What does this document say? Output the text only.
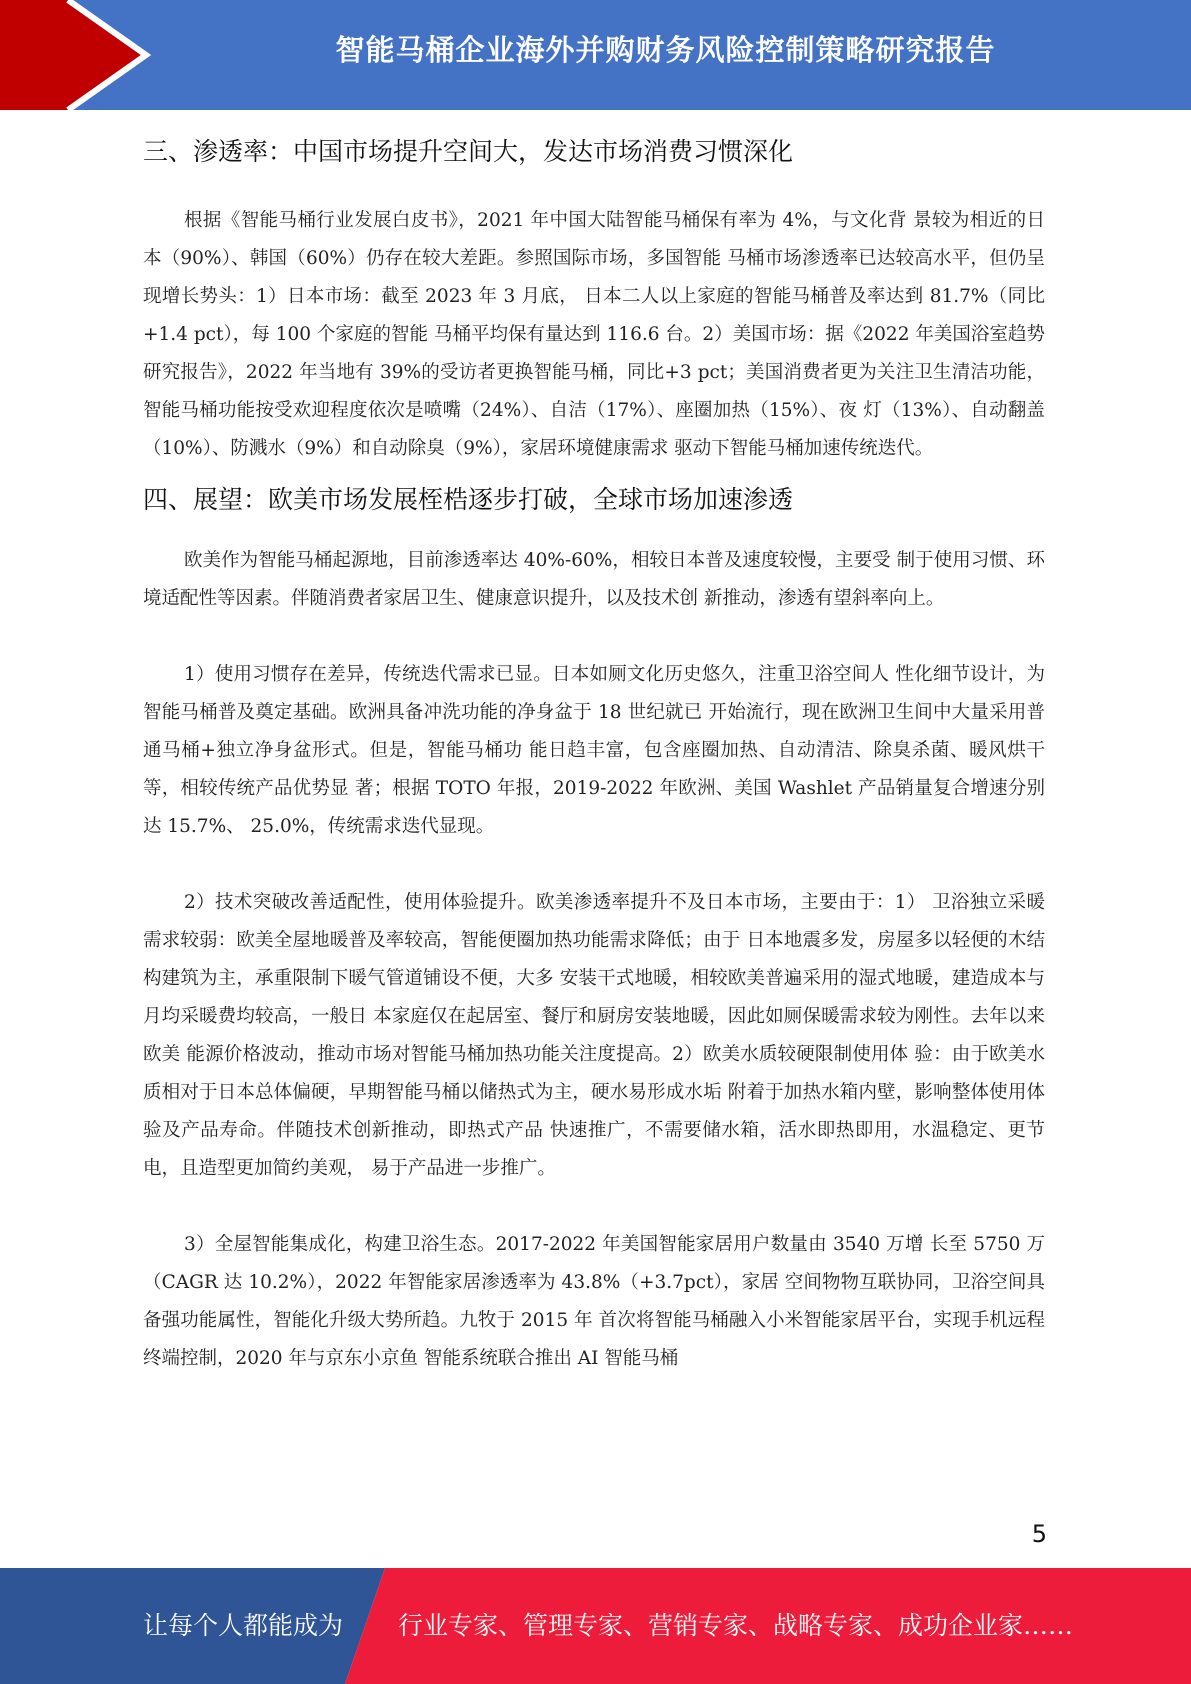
智能马桶企业海外并购财务风险控制策略研究报告
三、渗透率：中国市场提升空间大，发达市场消费习惯深化

根据《智能马桶行业发展白皮书》，2021 年中国大陆智能马桶保有率为 4%，与文化背 景较为相近的日本（90%）、韩国（60%）仍存在较大差距。参照国际市场，多国智能 马桶市场渗透率已达较高水平，但仍呈现增长势头：1）日本市场：截至 2023 年 3 月底， 日本二人以上家庭的智能马桶普及率达到 81.7%（同比+1.4 pct），每 100 个家庭的智能 马桶平均保有量达到 116.6 台。2）美国市场：据《2022 年美国浴室趋势研究报告》，2022 年当地有 39%的受访者更换智能马桶，同比+3 pct；美国消费者更为关注卫生清洁功能， 智能马桶功能按受欢迎程度依次是喷嘴（24%）、自洁（17%）、座圈加热（15%）、夜 灯（13%）、自动翻盖（10%）、防溅水（9%）和自动除臭（9%），家居环境健康需求 驱动下智能马桶加速传统迭代。

四、展望：欧美市场发展桎梏逐步打破，全球市场加速渗透

欧美作为智能马桶起源地，目前渗透率达 40%-60%，相较日本普及速度较慢，主要受 制于使用习惯、环境适配性等因素。伴随消费者家居卫生、健康意识提升，以及技术创 新推动，渗透有望斜率向上。

1）使用习惯存在差异，传统迭代需求已显。日本如厕文化历史悠久，注重卫浴空间人 性化细节设计，为智能马桶普及奠定基础。欧洲具备冲洗功能的净身盆于 18 世纪就已 开始流行，现在欧洲卫生间中大量采用普通马桶+独立净身盆形式。但是，智能马桶功 能日趋丰富，包含座圈加热、自动清洁、除臭杀菌、暖风烘干等，相较传统产品优势显 著；根据 TOTO 年报，2019-2022 年欧洲、美国 Washlet 产品销量复合增速分别达 15.7%、 25.0%，传统需求迭代显现。

2）技术突破改善适配性，使用体验提升。欧美渗透率提升不及日本市场，主要由于：1） 卫浴独立采暖需求较弱：欧美全屋地暖普及率较高，智能便圈加热功能需求降低；由于 日本地震多发，房屋多以轻便的木结构建筑为主，承重限制下暖气管道铺设不便，大多 安装干式地暖，相较欧美普遍采用的湿式地暖，建造成本与月均采暖费均较高，一般日 本家庭仅在起居室、餐厅和厨房安装地暖，因此如厕保暖需求较为刚性。去年以来欧美 能源价格波动，推动市场对智能马桶加热功能关注度提高。2）欧美水质较硬限制使用体 验：由于欧美水质相对于日本总体偏硬，早期智能马桶以储热式为主，硬水易形成水垢 附着于加热水箱内壁，影响整体使用体验及产品寿命。伴随技术创新推动，即热式产品 快速推广，不需要储水箱，活水即热即用，水温稳定、更节电，且造型更加简约美观， 易于产品进一步推广。

3）全屋智能集成化，构建卫浴生态。2017-2022 年美国智能家居用户数量由 3540 万增 长至 5750 万（CAGR 达 10.2%），2022 年智能家居渗透率为 43.8%（+3.7pct），家居 空间物物互联协同，卫浴空间具备强功能属性，智能化升级大势所趋。九牧于 2015 年 首次将智能马桶融入小米智能家居平台，实现手机远程终端控制，2020 年与京东小京鱼 智能系统联合推出 AI 智能马桶

5
让每个人都能成为 行业专家、管理专家、营销专家、战略专家、成功企业家……
